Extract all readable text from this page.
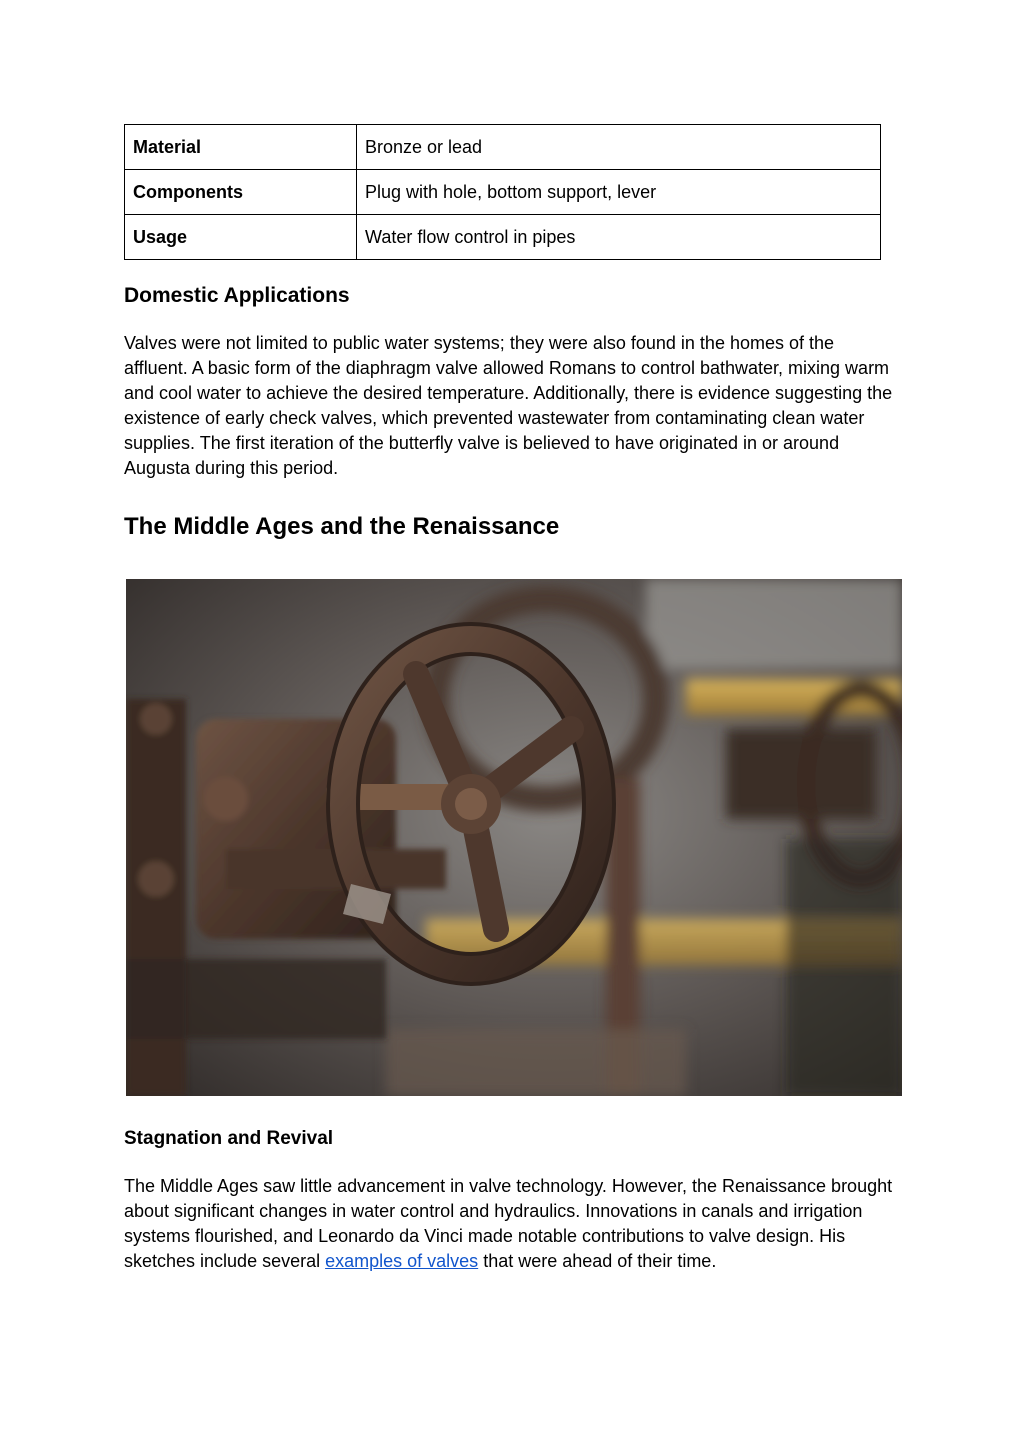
Material	Bronze or lead
Components	Plug with hole, bottom support, lever
Usage	Water flow control in pipes
Domestic Applications

Valves were not limited to public water systems; they were also found in the homes of the affluent. A basic form of the diaphragm valve allowed Romans to control bathwater, mixing warm and cool water to achieve the desired temperature. Additionally, there is evidence suggesting the existence of early check valves, which prevented wastewater from contaminating clean water supplies. The first iteration of the butterfly valve is believed to have originated in or around Augusta during this period.

The Middle Ages and the Renaissance
Stagnation and Revival

The Middle Ages saw little advancement in valve technology. However, the Renaissance brought about significant changes in water control and hydraulics. Innovations in canals and irrigation systems flourished, and Leonardo da Vinci made notable contributions to valve design. His sketches include several examples of valves that were ahead of their time.
